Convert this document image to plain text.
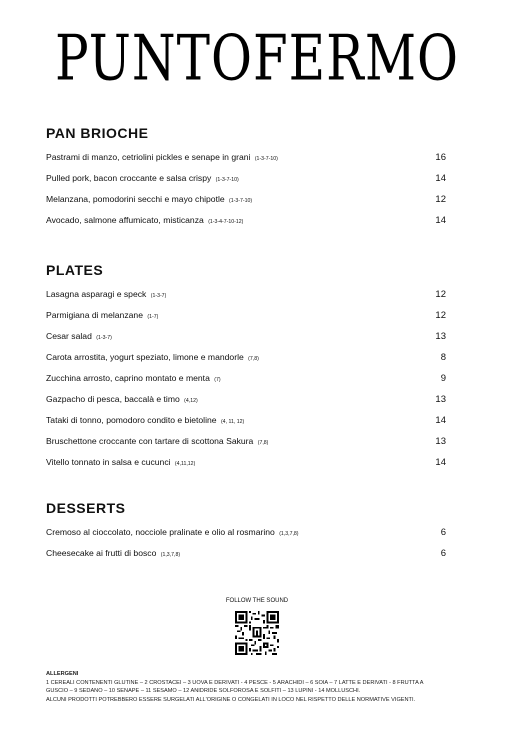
PUNTOFERMO
PAN BRIOCHE
Pastrami di manzo, cetriolini pickles e senape in grani (1-3-7-10)	16
Pulled pork, bacon croccante e salsa crispy (1-3-7-10)	14
Melanzana, pomodorini secchi e mayo chipotle (1-3-7-10)	12
Avocado, salmone affumicato, misticanza (1-3-4-7-10-12)	14
PLATES
Lasagna asparagi e speck (1-3-7)	12
Parmigiana di melanzane (1-7)	12
Cesar salad (1-3-7)	13
Carota arrostita, yogurt speziato, limone e mandorle (7,8)	8
Zucchina arrosto, caprino montato e menta (7)	9
Gazpacho di pesca, baccalà e timo (4,12)	13
Tataki di tonno, pomodoro condito e bietoline (4, 11, 12)	14
Bruschettone croccante con tartare di scottona Sakura (7,8)	13
Vitello tonnato in salsa e cucunci (4,11,12)	14
DESSERTS
Cremoso al cioccolato, nocciole pralinate e olio al rosmarino (1,3,7,8)	6
Cheesecake ai frutti di bosco (1,3,7,8)	6
FOLLOW THE SOUND
ALLERGENI
1 CEREALI CONTENENTI GLUTINE – 2 CROSTACEI – 3 UOVA E DERIVATI - 4 PESCE - 5 ARACHIDI – 6 SOIA – 7 LATTE E DERIVATI - 8 FRUTTA A
GUSCIO – 9 SEDANO – 10 SENAPE – 11 SESAMO – 12 ANIDRIDE SOLFOROSA E SOLFITI – 13 LUPINI - 14 MOLLUSCHI.
ALCUNI PRODOTTI POTREBBERO ESSERE SURGELATI ALL'ORIGINE O CONGELATI IN LOCO NEL RISPETTO DELLE NORMATIVE VIGENTI.
